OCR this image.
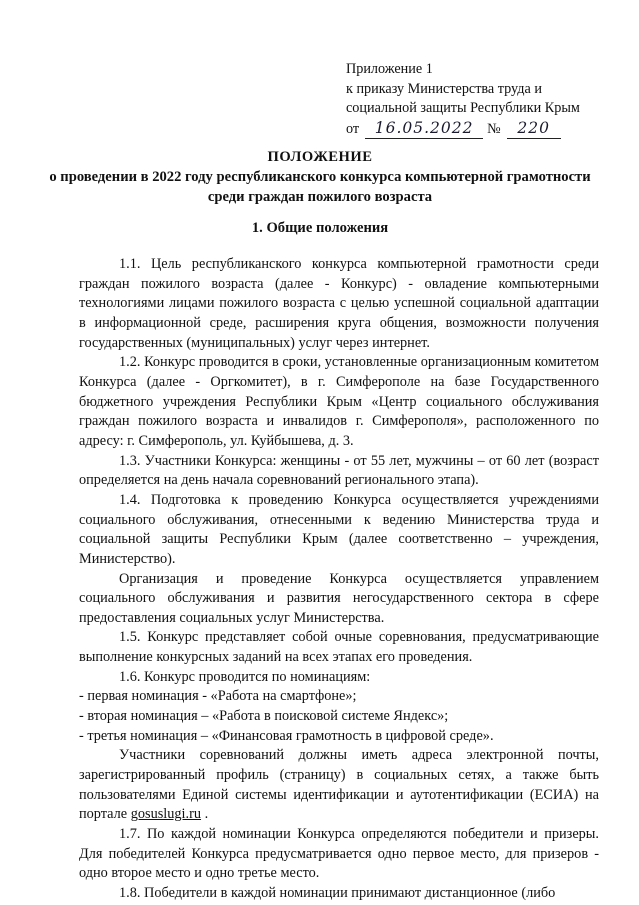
Приложение 1
к приказу Министерства труда и
социальной защиты Республики Крым
от 16.05.2022 № 220
ПОЛОЖЕНИЕ
о проведении в 2022 году республиканского конкурса компьютерной грамотности среди граждан пожилого возраста
1. Общие положения

1.1. Цель республиканского конкурса компьютерной грамотности среди граждан пожилого возраста (далее - Конкурс) - овладение компьютерными технологиями лицами пожилого возраста с целью успешной социальной адаптации в информационной среде, расширения круга общения, возможности получения государственных (муниципальных) услуг через интернет.

1.2. Конкурс проводится в сроки, установленные организационным комитетом Конкурса (далее - Оргкомитет), в г. Симферополе на базе Государственного бюджетного учреждения Республики Крым «Центр социального обслуживания граждан пожилого возраста и инвалидов г. Симферополя», расположенного по адресу: г. Симферополь, ул. Куйбышева, д. 3.

1.3. Участники Конкурса: женщины - от 55 лет, мужчины – от 60 лет (возраст определяется на день начала соревнований регионального этапа).

1.4. Подготовка к проведению Конкурса осуществляется учреждениями социального обслуживания, отнесенными к ведению Министерства труда и социальной защиты Республики Крым (далее соответственно – учреждения, Министерство).

Организация и проведение Конкурса осуществляется управлением социального обслуживания и развития негосударственного сектора в сфере предоставления социальных услуг Министерства.

1.5. Конкурс представляет собой очные соревнования, предусматривающие выполнение конкурсных заданий на всех этапах его проведения.

1.6. Конкурс проводится по номинациям:

- первая номинация - «Работа на смартфоне»;

- вторая номинация – «Работа в поисковой системе Яндекс»;

- третья номинация – «Финансовая грамотность в цифровой среде».

Участники соревнований должны иметь адреса электронной почты, зарегистрированный профиль (страницу) в социальных сетях, а также быть пользователями Единой системы идентификации и аутотентификации (ЕСИА) на портале gosuslugi.ru .

1.7. По каждой номинации Конкурса определяются победители и призеры. Для победителей Конкурса предусматривается одно первое место, для призеров - одно второе место и одно третье место.

1.8. Победители в каждой номинации принимают дистанционное (либо
